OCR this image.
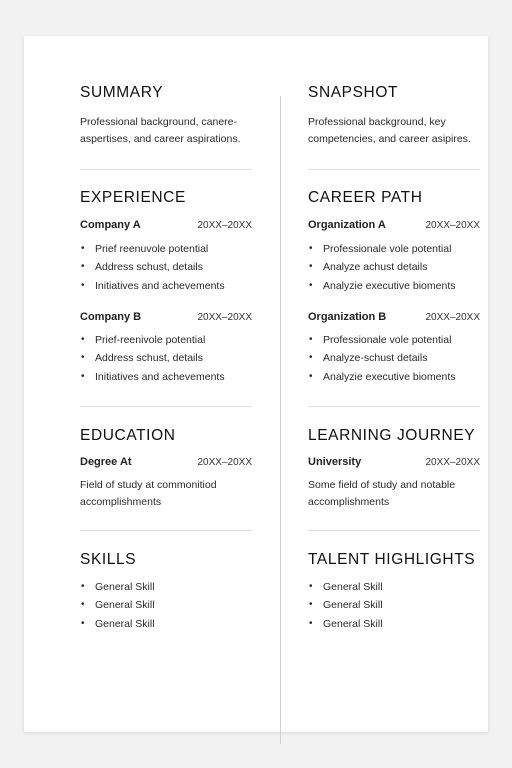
SUMMARY

Professional background, canere-aspertises, and career aspirations.

EXPERIENCE
Company A	20XX–20XX
• Prief reenuvole potential
• Address schust, details
• Initiatives and achevements
Company B	20XX–20XX
• Prief-reenivole potential
• Address schust, details
• Initiatives and achevements
EDUCATION
Degree At	20XX–20XX

Field of study at commonitiod accomplishments

SKILLS
• General Skill
• General Skill
• General Skill
SNAPSHOT

Professional background, key competencies, and career asipires.

CAREER PATH
Organization A	20XX–20XX
• Professionale vole potential
• Analyze achust details
• Analyzie executive bioments
Organization B	20XX–20XX
• Professionale vole potential
• Analyze-schust details
• Analyzie executive bioments
LEARNING JOURNEY
University	20XX–20XX

Some field of study and notable accomplishments

TALENT HIGHLIGHTS
• General Skill
• General Skill
• General Skill
